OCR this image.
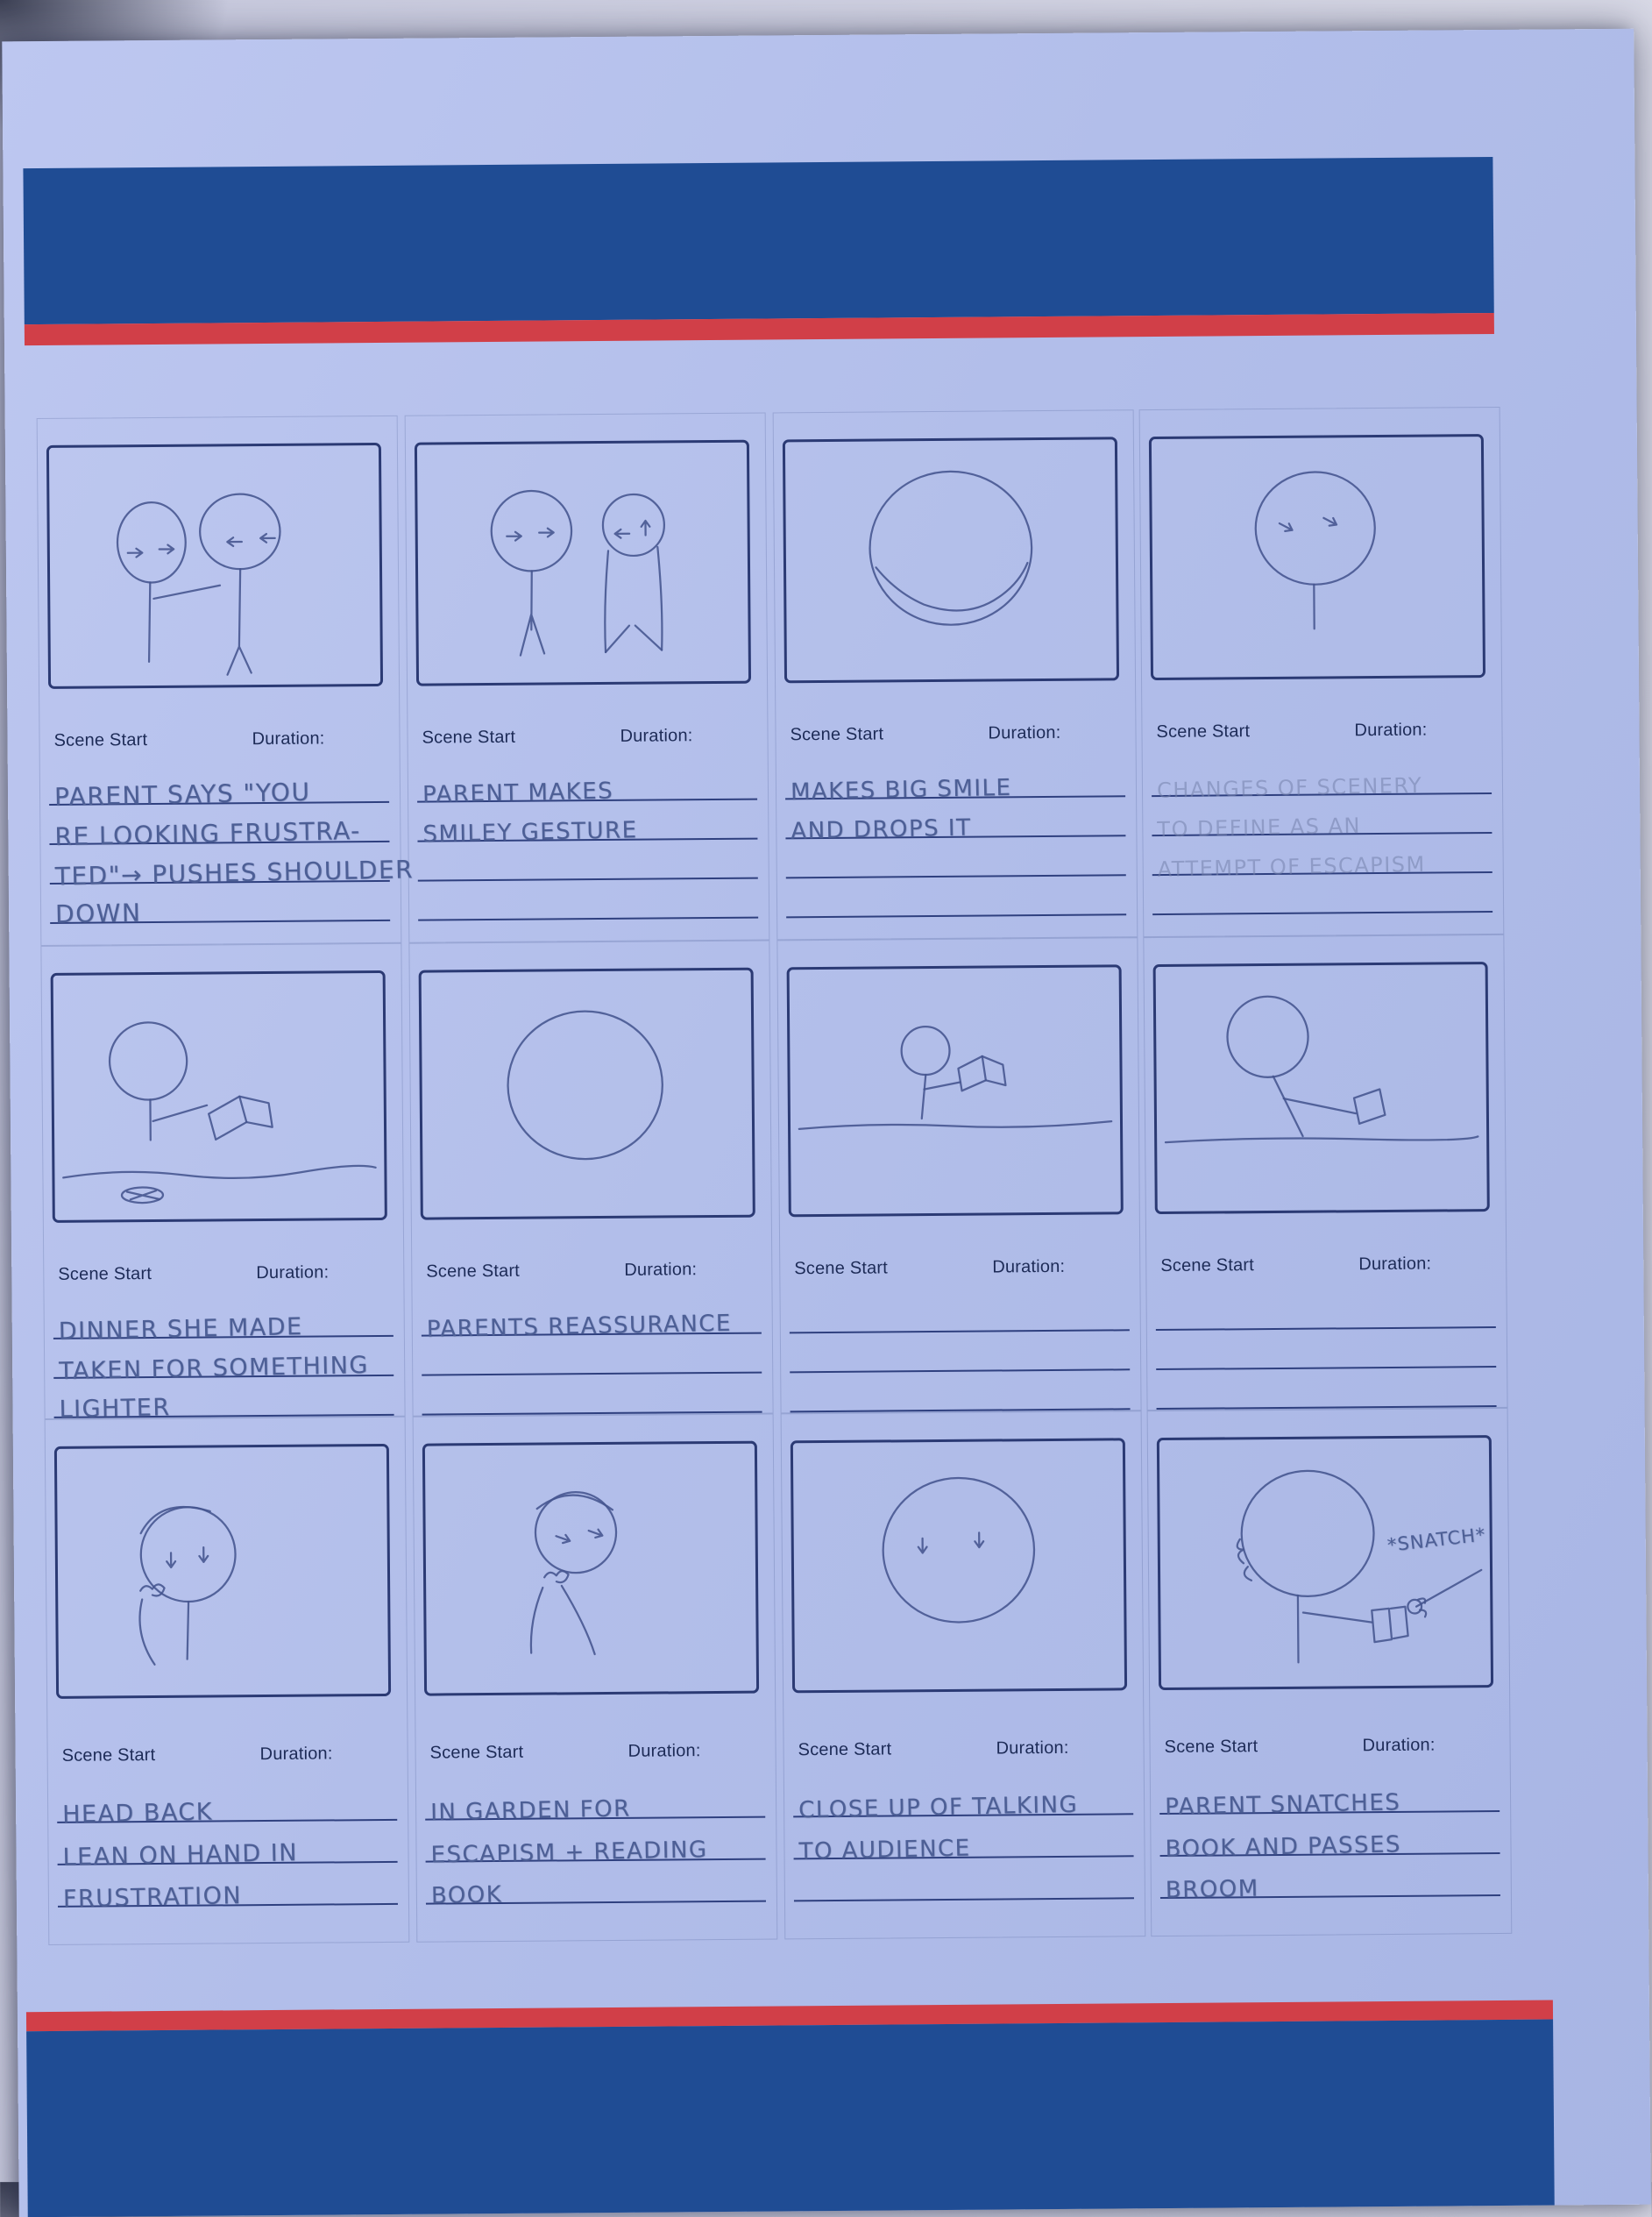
Scene Start	Duration:
PARENT SAYS "YOU
RE LOOKING FRUSTRA-
TED"→ PUSHES SHOULDER
DOWN
Scene Start	Duration:
PARENT MAKES
SMILEY GESTURE
Scene Start	Duration:
MAKES BIG SMILE
AND DROPS IT
Scene Start	Duration:
CHANGES OF SCENERY
TO DEFINE AS AN
ATTEMPT OF ESCAPISM
Scene Start	Duration:
DINNER SHE MADE
TAKEN FOR SOMETHING
LIGHTER
Scene Start	Duration:
PARENTS REASSURANCE
Scene Start	Duration:	Scene Start	Duration:
Scene Start	Duration:
HEAD BACK
LEAN ON HAND IN
FRUSTRATION
Scene Start	Duration:
IN GARDEN FOR
ESCAPISM + READING
BOOK
Scene Start	Duration:
CLOSE UP OF TALKING
TO AUDIENCE
*SNATCH*
Scene Start	Duration:
PARENT SNATCHES
BOOK AND PASSES
BROOM
